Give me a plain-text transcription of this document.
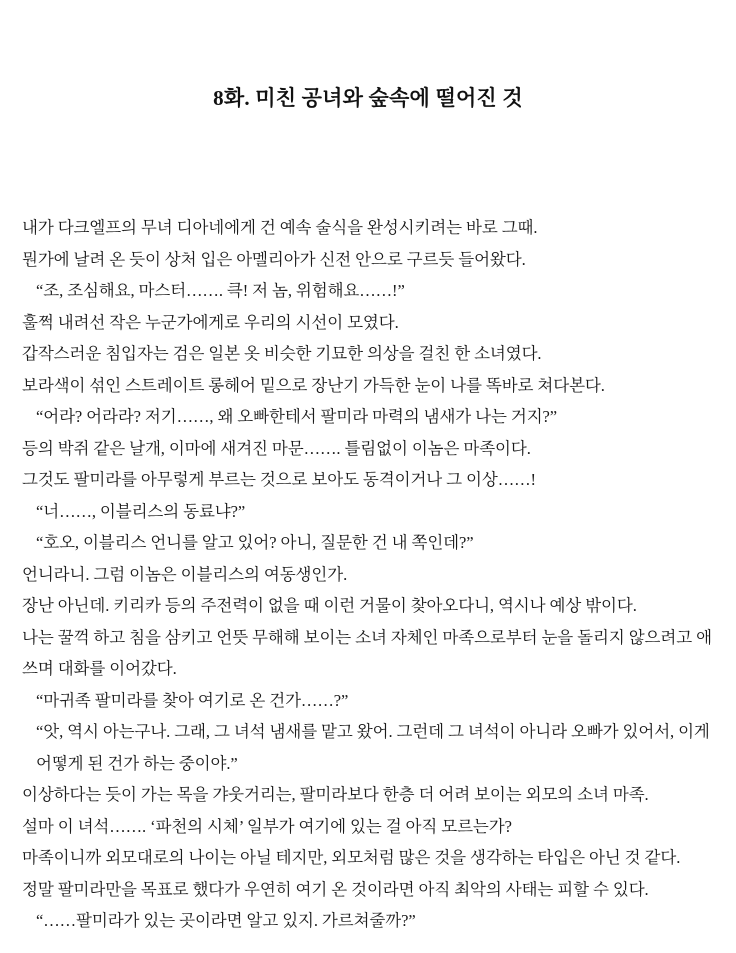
8화. 미친 공녀와 숲속에 떨어진 것
내가 다크엘프의 무녀 디아네에게 건 예속 술식을 완성시키려는 바로 그때.
뭔가에 날려 온 듯이 상처 입은 아멜리아가 신전 안으로 구르듯 들어왔다.
“조, 조심해요, 마스터……. 큭! 저 놈, 위험해요……!”
훌쩍 내려선 작은 누군가에게로 우리의 시선이 모였다.
갑작스러운 침입자는 검은 일본 옷 비슷한 기묘한 의상을 걸친 한 소녀였다.
보라색이 섞인 스트레이트 롱헤어 밑으로 장난기 가득한 눈이 나를 똑바로 쳐다본다.
“어라? 어라라? 저기……, 왜 오빠한테서 팔미라 마력의 냄새가 나는 거지?”
등의 박쥐 같은 날개, 이마에 새겨진 마문……. 틀림없이 이놈은 마족이다.
그것도 팔미라를 아무렇게 부르는 것으로 보아도 동격이거나 그 이상……!
“너……, 이블리스의 동료냐?”
“호오, 이블리스 언니를 알고 있어? 아니, 질문한 건 내 쪽인데?”
언니라니. 그럼 이놈은 이블리스의 여동생인가.
장난 아닌데. 키리카 등의 주전력이 없을 때 이런 거물이 찾아오다니, 역시나 예상 밖이다.
나는 꿀꺽 하고 침을 삼키고 언뜻 무해해 보이는 소녀 자체인 마족으로부터 눈을 돌리지 않으려고 애쓰며 대화를 이어갔다.
“마귀족 팔미라를 찾아 여기로 온 건가……?”
“앗, 역시 아는구나. 그래, 그 녀석 냄새를 맡고 왔어. 그런데 그 녀석이 아니라 오빠가 있어서, 이게 어떻게 된 건가 하는 중이야.”
이상하다는 듯이 가는 목을 갸웃거리는, 팔미라보다 한층 더 어려 보이는 외모의 소녀 마족.
설마 이 녀석……. ‘파천의 시체’ 일부가 여기에 있는 걸 아직 모르는가?
마족이니까 외모대로의 나이는 아닐 테지만, 외모처럼 많은 것을 생각하는 타입은 아닌 것 같다.
정말 팔미라만을 목표로 했다가 우연히 여기 온 것이라면 아직 최악의 사태는 피할 수 있다.
“……팔미라가 있는 곳이라면 알고 있지. 가르쳐줄까?”
